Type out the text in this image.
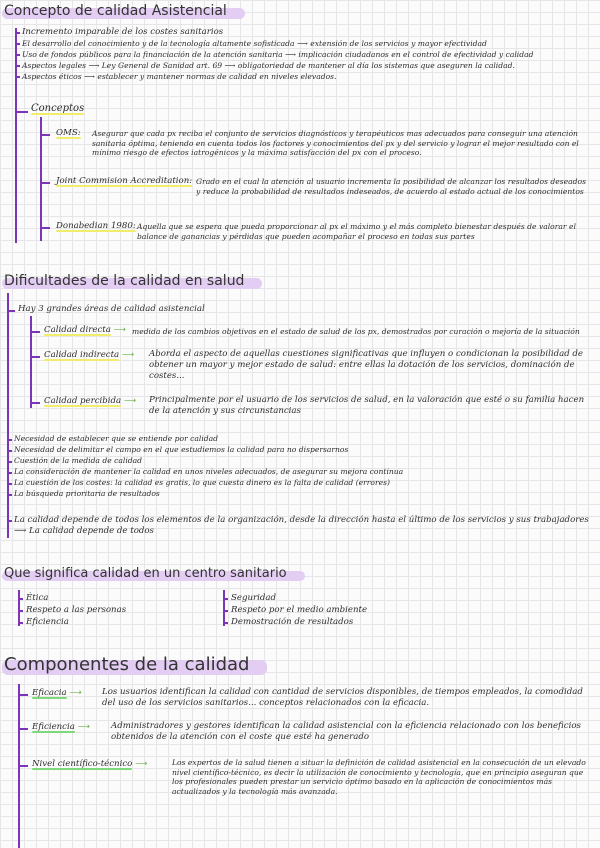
Concepto de calidad Asistencial
Incremento imparable de los costes sanitarios
El desarrollo del conocimiento y de la tecnología altamente sofisticada ⟶ extensión de los servicios y mayor efectividad
Uso de fondos públicos para la financiación de la atención sanitaria ⟶ implicación ciudadanos en el control de efectividad y calidad
Aspectos legales ⟶ Ley General de Sanidad art. 69 ⟶ obligatoriedad de mantener al día los sistemas que aseguren la calidad.
Aspectos éticos ⟶ establecer y mantener normas de calidad en niveles elevados.
Conceptos
OMS: Asegurar que cada px reciba el conjunto de servicios diagnósticos y terapéuticos mas adecuados para conseguir una atención sanitaria óptima, teniendo en cuenta todos los factores y conocimientos del px y del servicio y lograr el mejor resultado con el mínimo riesgo de efectos iatrogénicos y la máxima satisfacción del px con el proceso.
Joint Commision Accreditation: Grado en el cual la atención al usuario incrementa la posibilidad de alcanzar los resultados deseados y reduce la probabilidad de resultados indeseados, de acuerdo al estado actual de los conocimientos
Donabedian 1980: Aquella que se espera que pueda proporcionar al px el máximo y el más completo bienestar después de valorar el balance de ganancias y pérdidas que pueden acompañar el proceso en todas sus partes
Dificultades de la calidad en salud
Hay 3 grandes áreas de calidad asistencial
Calidad directa ⟶ medida de los cambios objetivos en el estado de salud de los px, demostrados por curación o mejoría de la situación
Calidad indirecta ⟶ Aborda el aspecto de aquellas cuestiones significativas que influyen o condicionan la posibilidad de obtener un mayor y mejor estado de salud: entre ellas la dotación de los servicios, dominación de costes...
Calidad percibida ⟶ Principalmente por el usuario de los servicios de salud, en la valoración que esté o su familia hacen de la atención y sus circunstancias
Necesidad de establecer que se entiende por calidad
Necesidad de delimitar el campo en el que estudiemos la calidad para no dispersarnos
Cuestión de la medida de calidad
La consideración de mantener la calidad en unos niveles adecuados, de asegurar su mejora continua
La cuestión de los costes: la calidad es gratis, lo que cuesta dinero es la falta de calidad (errores)
La búsqueda prioritaria de resultados
La calidad depende de todos los elementos de la organización, desde la dirección hasta el último de los servicios y sus trabajadores ⟶ La calidad depende de todos
Que significa calidad en un centro sanitario
Ética
Respeto a las personas
Eficiencia
Seguridad
Respeto por el medio ambiente
Demostración de resultados
Componentes de la calidad
Eficacia ⟶ Los usuarios identifican la calidad con cantidad de servicios disponibles, de tiempos empleados, la comodidad del uso de los servicios sanitarios... conceptos relacionados con la eficacia.
Eficiencia ⟶ Administradores y gestores identifican la calidad asistencial con la eficiencia relacionado con los beneficios obtenidos de la atención con el coste que esté ha generado
Nivel científico-técnico ⟶	Los expertos de la salud tienen a situar la definición de calidad asistencial en la consecución de un elevado nivel científico-técnico, es decir la utilización de conocimiento y tecnología, que en principio aseguran que los profesionales pueden prestar un servicio óptimo basado en la aplicación de conocimientos más actualizados y la tecnología más avanzada.
